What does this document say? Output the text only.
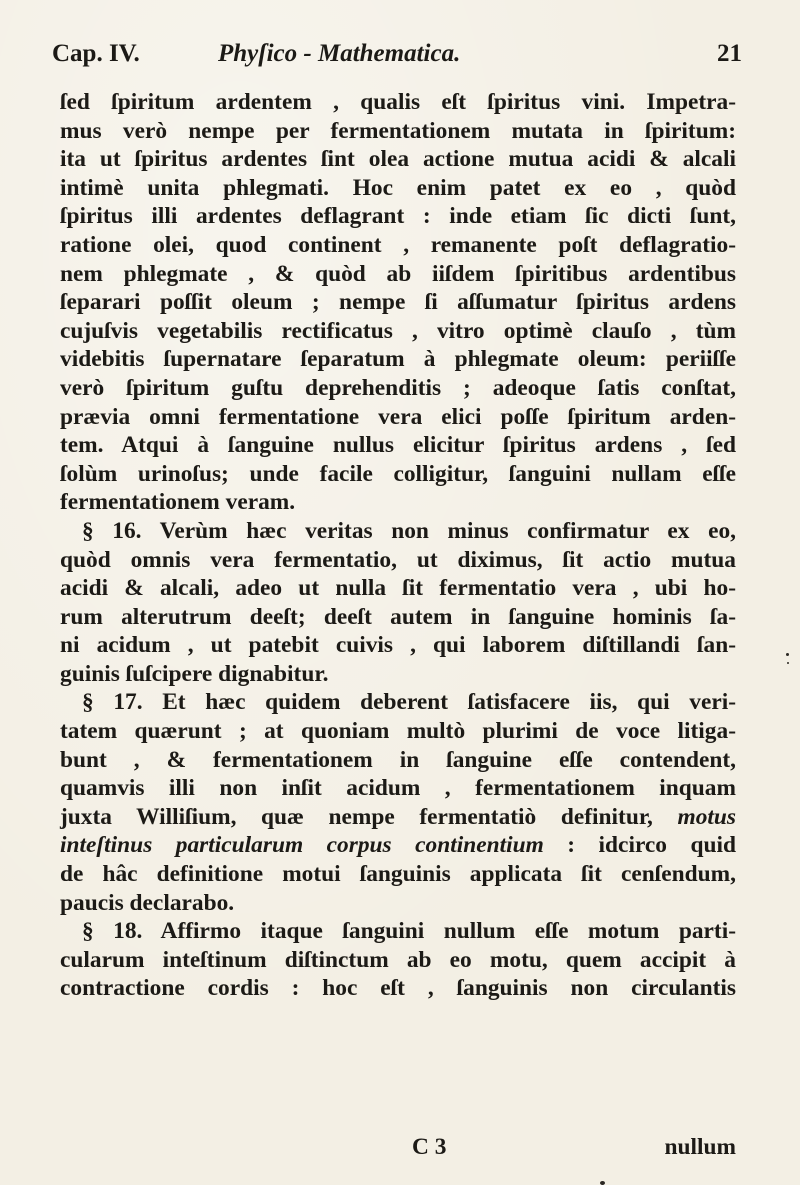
Cap. IV.	Phyſico - Mathematica.	21
ſed ſpiritum ardentem , qualis eſt ſpiritus vini. Impetra-
mus verò nempe per fermentationem mutata in ſpiritum:
ita ut ſpiritus ardentes ſint olea actione mutua acidi & alcali
intimè unita phlegmati. Hoc enim patet ex eo , quòd
ſpiritus illi ardentes deflagrant : inde etiam ſic dicti ſunt,
ratione olei, quod continent , remanente poſt deflagratio-
nem phlegmate , & quòd ab iiſdem ſpiritibus ardentibus
ſeparari poſſit oleum ; nempe ſi aſſumatur ſpiritus ardens
cujuſvis vegetabilis rectificatus , vitro optimè clauſo , tùm
videbitis ſupernatare ſeparatum à phlegmate oleum: periiſſe
verò ſpiritum guſtu deprehenditis ; adeoque ſatis conſtat,
prævia omni fermentatione vera elici poſſe ſpiritum arden-
tem. Atqui à ſanguine nullus elicitur ſpiritus ardens , ſed
ſolùm urinoſus; unde facile colligitur, ſanguini nullam eſſe
fermentationem veram.
§ 16. Verùm hæc veritas non minus confirmatur ex eo,
quòd omnis vera fermentatio, ut diximus, ſit actio mutua
acidi & alcali, adeo ut nulla ſit fermentatio vera , ubi ho-
rum alterutrum deeſt; deeſt autem in ſanguine hominis ſa-
ni acidum , ut patebit cuivis , qui laborem diſtillandi ſan-
guinis ſuſcipere dignabitur.
§ 17. Et hæc quidem deberent ſatisfacere iis, qui veri-
tatem quærunt ; at quoniam multò plurimi de voce litiga-
bunt , & fermentationem in ſanguine eſſe contendent,
quamvis illi non inſit acidum , fermentationem inquam
juxta Williſium, quæ nempe fermentatiò definitur, motus
inteſtinus particularum corpus continentium : idcirco quid
de hâc definitione motui ſanguinis applicata ſit cenſendum,
paucis declarabo.
§ 18. Affirmo itaque ſanguini nullum eſſe motum parti-
cularum inteſtinum diſtinctum ab eo motu, quem accipit à
contractione cordis : hoc eſt , ſanguinis non circulantis
C 3	nullum
